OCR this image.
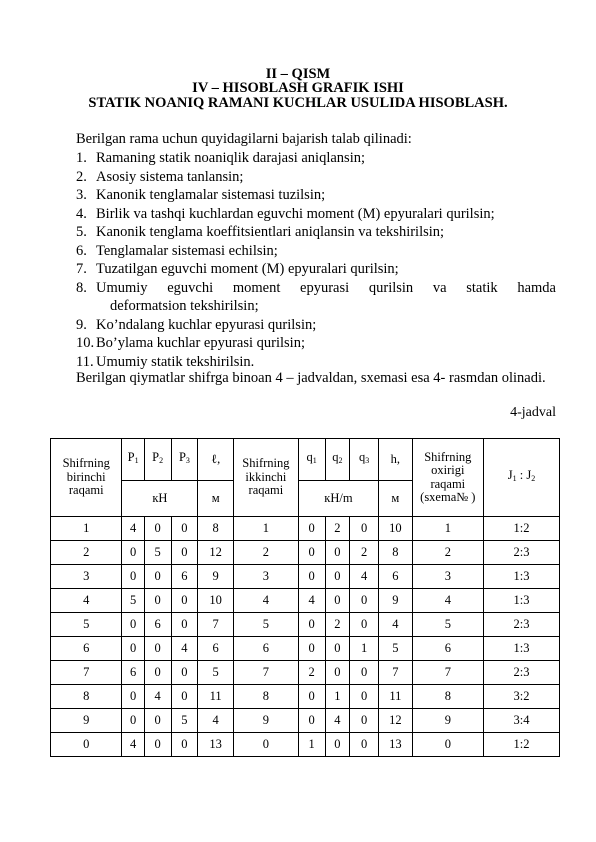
II – QISM
IV – HISOBLASH GRAFIK ISHI
STATIK NOANIQ RAMANI KUCHLAR USULIDA HISOBLASH.
Berilgan rama uchun quyidagilarni bajarish talab qilinadi:
1. Ramaning statik noaniqlik darajasi aniqlansin;
2. Asosiy sistema tanlansin;
3. Kanonik tenglamalar sistemasi tuzilsin;
4. Birlik va tashqi kuchlardan eguvchi moment (M) epyuralari qurilsin;
5. Kanonik tenglama koeffitsientlari aniqlansin va tekshirilsin;
6. Tenglamalar sistemasi echilsin;
7. Tuzatilgan eguvchi moment (M) epyuralari qurilsin;
8. Umumiy eguvchi moment epyurasi qurilsin va statik hamda
deformatsion tekshirilsin;
9. Ko’ndalang kuchlar epyurasi qurilsin;
10. Bo’ylama kuchlar epyurasi qurilsin;
11. Umumiy statik tekshirilsin.

Berilgan qiymatlar shifrga binoan 4 – jadvaldan, sxemasi esa 4- rasmdan olinadi.

4-jadval
Shifrning birinchi raqami	$P_1$	$P_2$	$P_3$	ℓ,	Shifrning ikkinchi raqami	$q_1$	$q_2$	$q_3$	h,	Shifrning oxirigi raqami (sxema№ )	$J_1$ : $J_2$
	кН			м		кН/m			м		
1	4	0	0	8	1	0	2	0	10	1	1:2
2	0	5	0	12	2	0	0	2	8	2	2:3
3	0	0	6	9	3	0	0	4	6	3	1:3
4	5	0	0	10	4	4	0	0	9	4	1:3
5	0	6	0	7	5	0	2	0	4	5	2:3
6	0	0	4	6	6	0	0	1	5	6	1:3
7	6	0	0	5	7	2	0	0	7	7	2:3
8	0	4	0	11	8	0	1	0	11	8	3:2
9	0	0	5	4	9	0	4	0	12	9	3:4
0	4	0	0	13	0	1	0	0	13	0	1:2
